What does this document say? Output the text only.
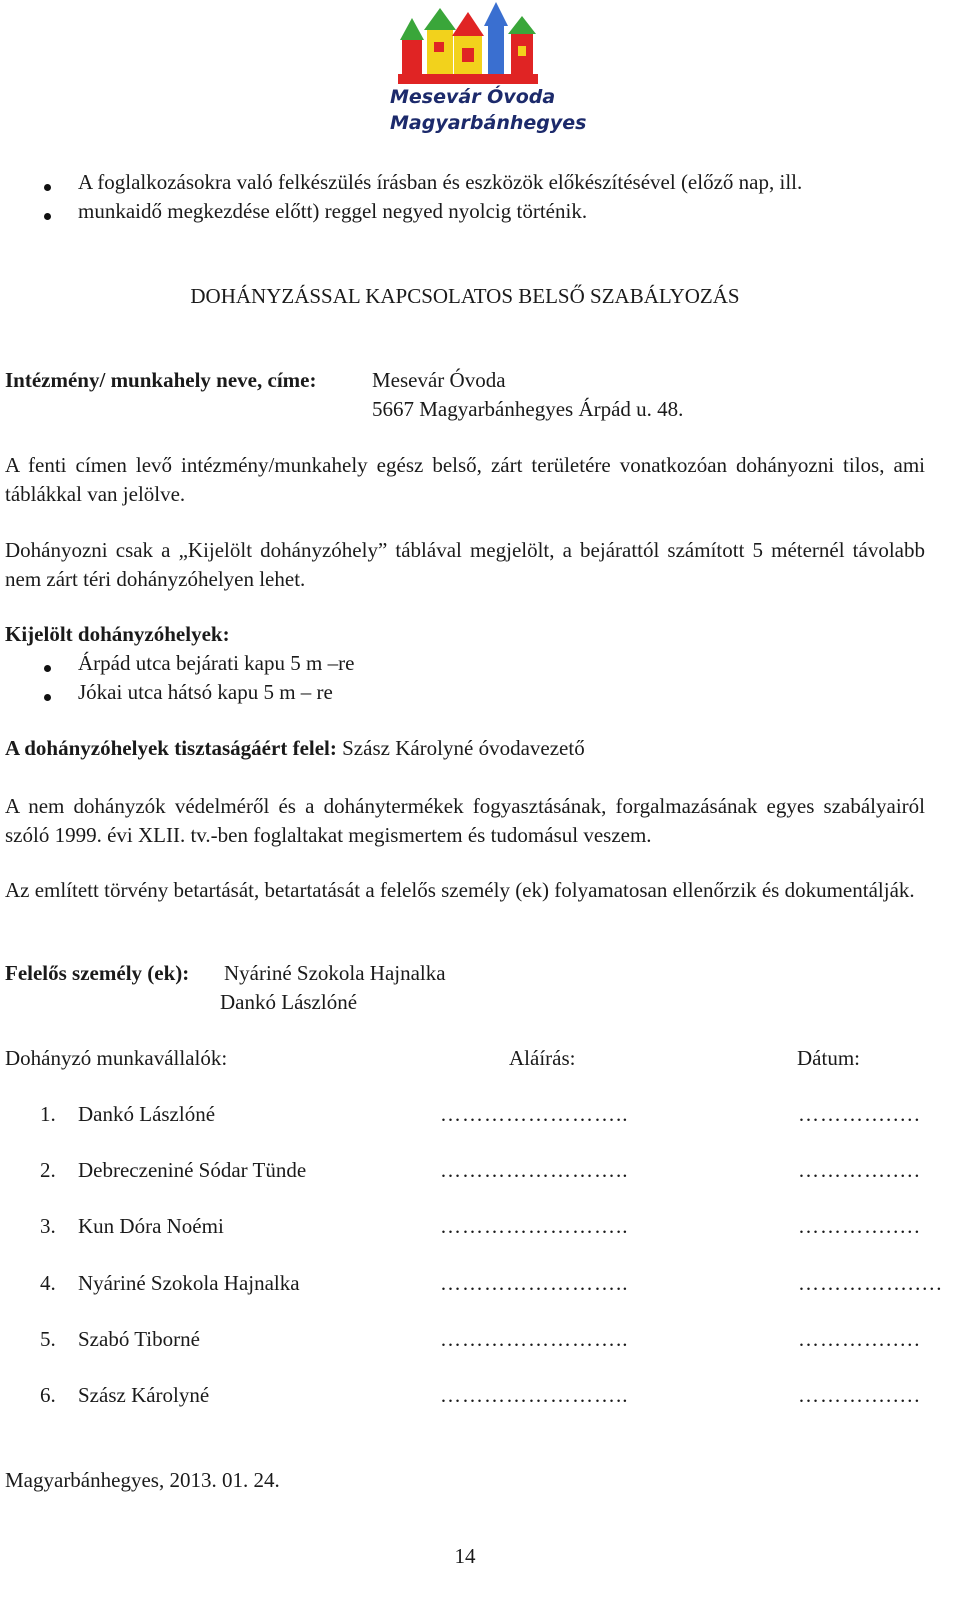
Mesevár Óvoda
Magyarbánhegyes
A foglalkozásokra való felkészülés írásban és eszközök előkészítésével (előző nap, ill.
munkaidő megkezdése előtt) reggel negyed nyolcig történik.
DOHÁNYZÁSSAL KAPCSOLATOS BELSŐ SZABÁLYOZÁS
Intézmény/ munkahely neve, címe:	Mesevár Óvoda
5667 Magyarbánhegyes Árpád u. 48.
A fenti címen levő intézmény/munkahely egész belső, zárt területére vonatkozóan dohányozni tilos, ami táblákkal van jelölve.
Dohányozni csak a „Kijelölt dohányzóhely” táblával megjelölt, a bejárattól számított 5 méternél távolabb nem zárt téri dohányzóhelyen lehet.
Kijelölt dohányzóhelyek:
Árpád utca bejárati kapu 5 m –re
Jókai utca hátsó kapu 5 m – re
A dohányzóhelyek tisztaságáért felel: Szász Károlyné óvodavezető
A nem dohányzók védelméről és a dohánytermékek fogyasztásának, forgalmazásának egyes szabályairól szóló 1999. évi XLII. tv.-ben foglaltakat megismertem és tudomásul veszem.
Az említett törvény betartását, betartatását a felelős személy (ek) folyamatosan ellenőrzik és dokumentálják.
Felelős személy (ek): Nyáriné Szokola Hajnalka
Dankó Lászlóné
Dohányzó munkavállalók:	Aláírás:	Dátum:
1. Dankó Lászlóné	……………………..	………….….
2. Debreczeniné Sódar Tünde	……………………..	………….….
3. Kun Dóra Noémi	……………………..	………….….
4. Nyáriné Szokola Hajnalka	……………………..	…………….….
5. Szabó Tiborné	……………………..	………….….
6. Szász Károlyné	……………………..	………….….
Magyarbánhegyes, 2013. 01. 24.
14
